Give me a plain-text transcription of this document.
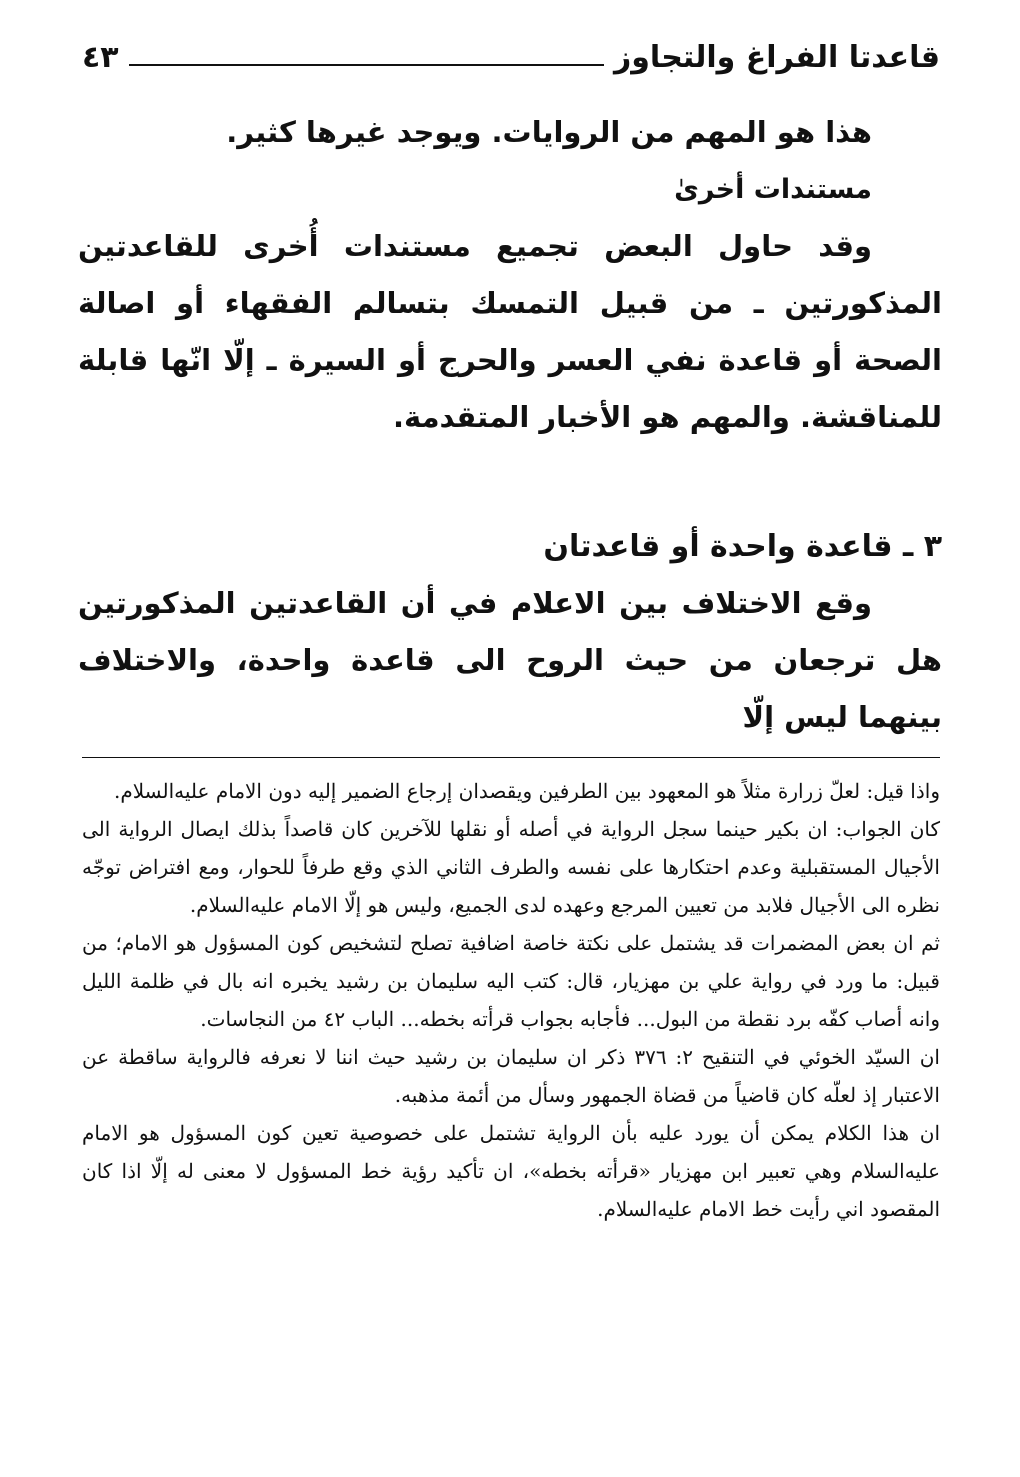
قاعدتا الفراغ والتجاوز
٤٣

هذا هو المهم من الروايات. ويوجد غيرها كثير.

مستندات أخرىٰ

وقد حاول البعض تجميع مستندات أُخرى للقاعدتين المذكورتين ـ من قبيل التمسك بتسالم الفقهاء أو اصالة الصحة أو قاعدة نفي العسر والحرج أو السيرة ـ إلّا انّها قابلة للمناقشة. والمهم هو الأخبار المتقدمة.

٣ ـ قاعدة واحدة أو قاعدتان

وقع الاختلاف بين الاعلام في أن القاعدتين المذكورتين هل ترجعان من حيث الروح الى قاعدة واحدة، والاختلاف بينهما ليس إلّا

واذا قيل: لعلّ زرارة مثلاً هو المعهود بين الطرفين ويقصدان إرجاع الضمير إليه دون الامام عليه‌السلام.

كان الجواب: ان بكير حينما سجل الرواية في أصله أو نقلها للآخرين كان قاصداً بذلك ايصال الرواية الى الأجيال المستقبلية وعدم احتكارها على نفسه والطرف الثاني الذي وقع طرفاً للحوار، ومع افتراض توجّه نظره الى الأجيال فلابد من تعيين المرجع وعهده لدى الجميع، وليس هو إلّا الامام عليه‌السلام.

ثم ان بعض المضمرات قد يشتمل على نكتة خاصة اضافية تصلح لتشخيص كون المسؤول هو الامام؛ من قبيل: ما ورد في رواية علي بن مهزيار، قال: كتب اليه سليمان بن رشيد يخبره انه بال في ظلمة الليل وانه أصاب كفّه برد نقطة من البول... فأجابه بجواب قرأته بخطه... الباب ٤٢ من النجاسات.

ان السيّد الخوئي في التنقيح ٢: ٣٧٦ ذكر ان سليمان بن رشيد حيث اننا لا نعرفه فالرواية ساقطة عن الاعتبار إذ لعلّه كان قاضياً من قضاة الجمهور وسأل من أئمة مذهبه.

ان هذا الكلام يمكن أن يورد عليه بأن الرواية تشتمل على خصوصية تعين كون المسؤول هو الامام عليه‌السلام وهي تعبير ابن مهزيار «قرأته بخطه»، ان تأكيد رؤية خط المسؤول لا معنى له إلّا اذا كان المقصود اني رأيت خط الامام عليه‌السلام.
